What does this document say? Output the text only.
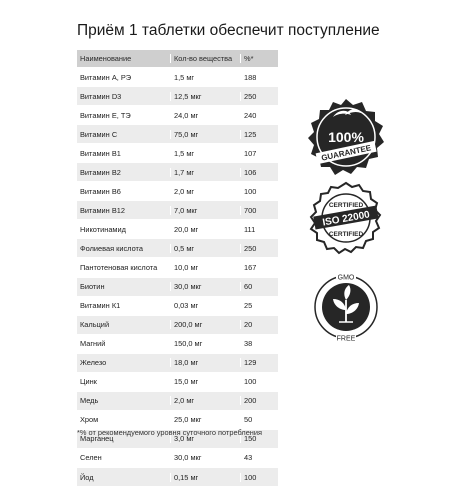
Приём 1 таблетки обеспечит поступление
Наименование	Кол-во вещества	%*
Витамин А, РЭ	1,5 мг	188
Витамин D3	12,5 мкг	250
Витамин Е, ТЭ	24,0 мг	240
Витамин С	75,0 мг	125
Витамин В1	1,5 мг	107
Витамин В2	1,7 мг	106
Витамин В6	2,0 мг	100
Витамин В12	7,0 мкг	700
Никотинамид	20,0 мг	111
Фолиевая кислота	0,5 мг	250
Пантотеновая кислота	10,0 мг	167
Биотин	30,0 мкг	60
Витамин К1	0,03 мг	25
Кальций	200,0 мг	20
Магний	150,0 мг	38
Железо	18,0 мг	129
Цинк	15,0 мг	100
Медь	2,0 мг	200
Хром	25,0 мкг	50
Марганец	3,0 мг	150
Селен	30,0 мкг	43
Йод	0,15 мг	100
*% от рекомендуемого уровня суточного потребления
100%
GUARANTEE
CERTIFIED
ISO 22000
CERTIFIED
GMO
FREE
